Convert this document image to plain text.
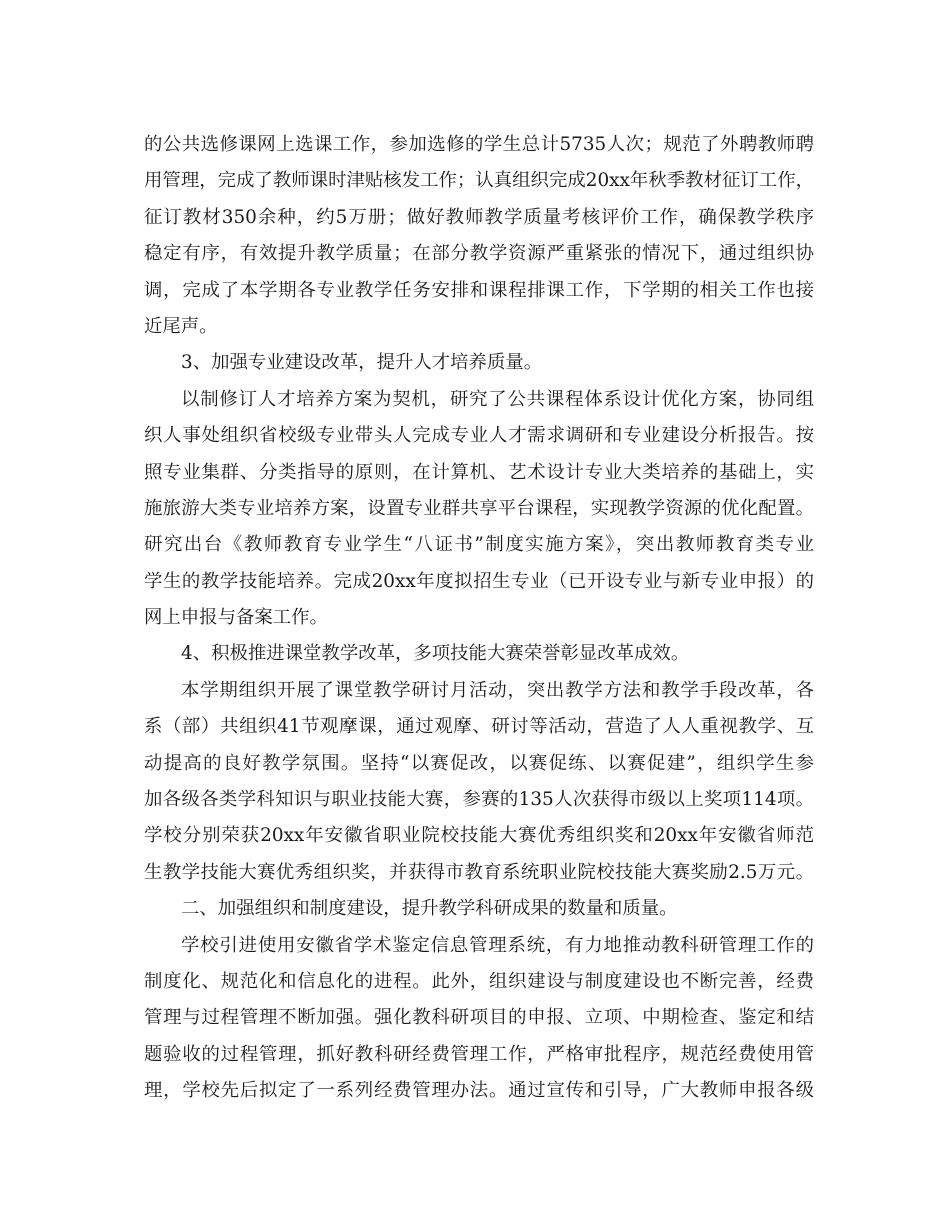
的公共选修课网上选课工作，参加选修的学生总计5735人次；规范了外聘教师聘
用管理，完成了教师课时津贴核发工作；认真组织完成20xx年秋季教材征订工作，
征订教材350余种，约5万册；做好教师教学质量考核评价工作，确保教学秩序
稳定有序，有效提升教学质量；在部分教学资源严重紧张的情况下，通过组织协
调，完成了本学期各专业教学任务安排和课程排课工作，下学期的相关工作也接
近尾声。
3、加强专业建设改革，提升人才培养质量。
以制修订人才培养方案为契机，研究了公共课程体系设计优化方案，协同组
织人事处组织省校级专业带头人完成专业人才需求调研和专业建设分析报告。按
照专业集群、分类指导的原则，在计算机、艺术设计专业大类培养的基础上，实
施旅游大类专业培养方案，设置专业群共享平台课程，实现教学资源的优化配置。
研究出台《教师教育专业学生“八证书”制度实施方案》，突出教师教育类专业
学生的教学技能培养。完成20xx年度拟招生专业（已开设专业与新专业申报）的
网上申报与备案工作。
4、积极推进课堂教学改革，多项技能大赛荣誉彰显改革成效。
本学期组织开展了课堂教学研讨月活动，突出教学方法和教学手段改革，各
系（部）共组织41节观摩课，通过观摩、研讨等活动，营造了人人重视教学、互
动提高的良好教学氛围。坚持“以赛促改，以赛促练、以赛促建”，组织学生参
加各级各类学科知识与职业技能大赛，参赛的135人次获得市级以上奖项114项。
学校分别荣获20xx年安徽省职业院校技能大赛优秀组织奖和20xx年安徽省师范
生教学技能大赛优秀组织奖，并获得市教育系统职业院校技能大赛奖励2.5万元。
二、加强组织和制度建设，提升教学科研成果的数量和质量。
学校引进使用安徽省学术鉴定信息管理系统，有力地推动教科研管理工作的
制度化、规范化和信息化的进程。此外，组织建设与制度建设也不断完善，经费
管理与过程管理不断加强。强化教科研项目的申报、立项、中期检查、鉴定和结
题验收的过程管理，抓好教科研经费管理工作，严格审批程序，规范经费使用管
理，学校先后拟定了一系列经费管理办法。通过宣传和引导，广大教师申报各级
